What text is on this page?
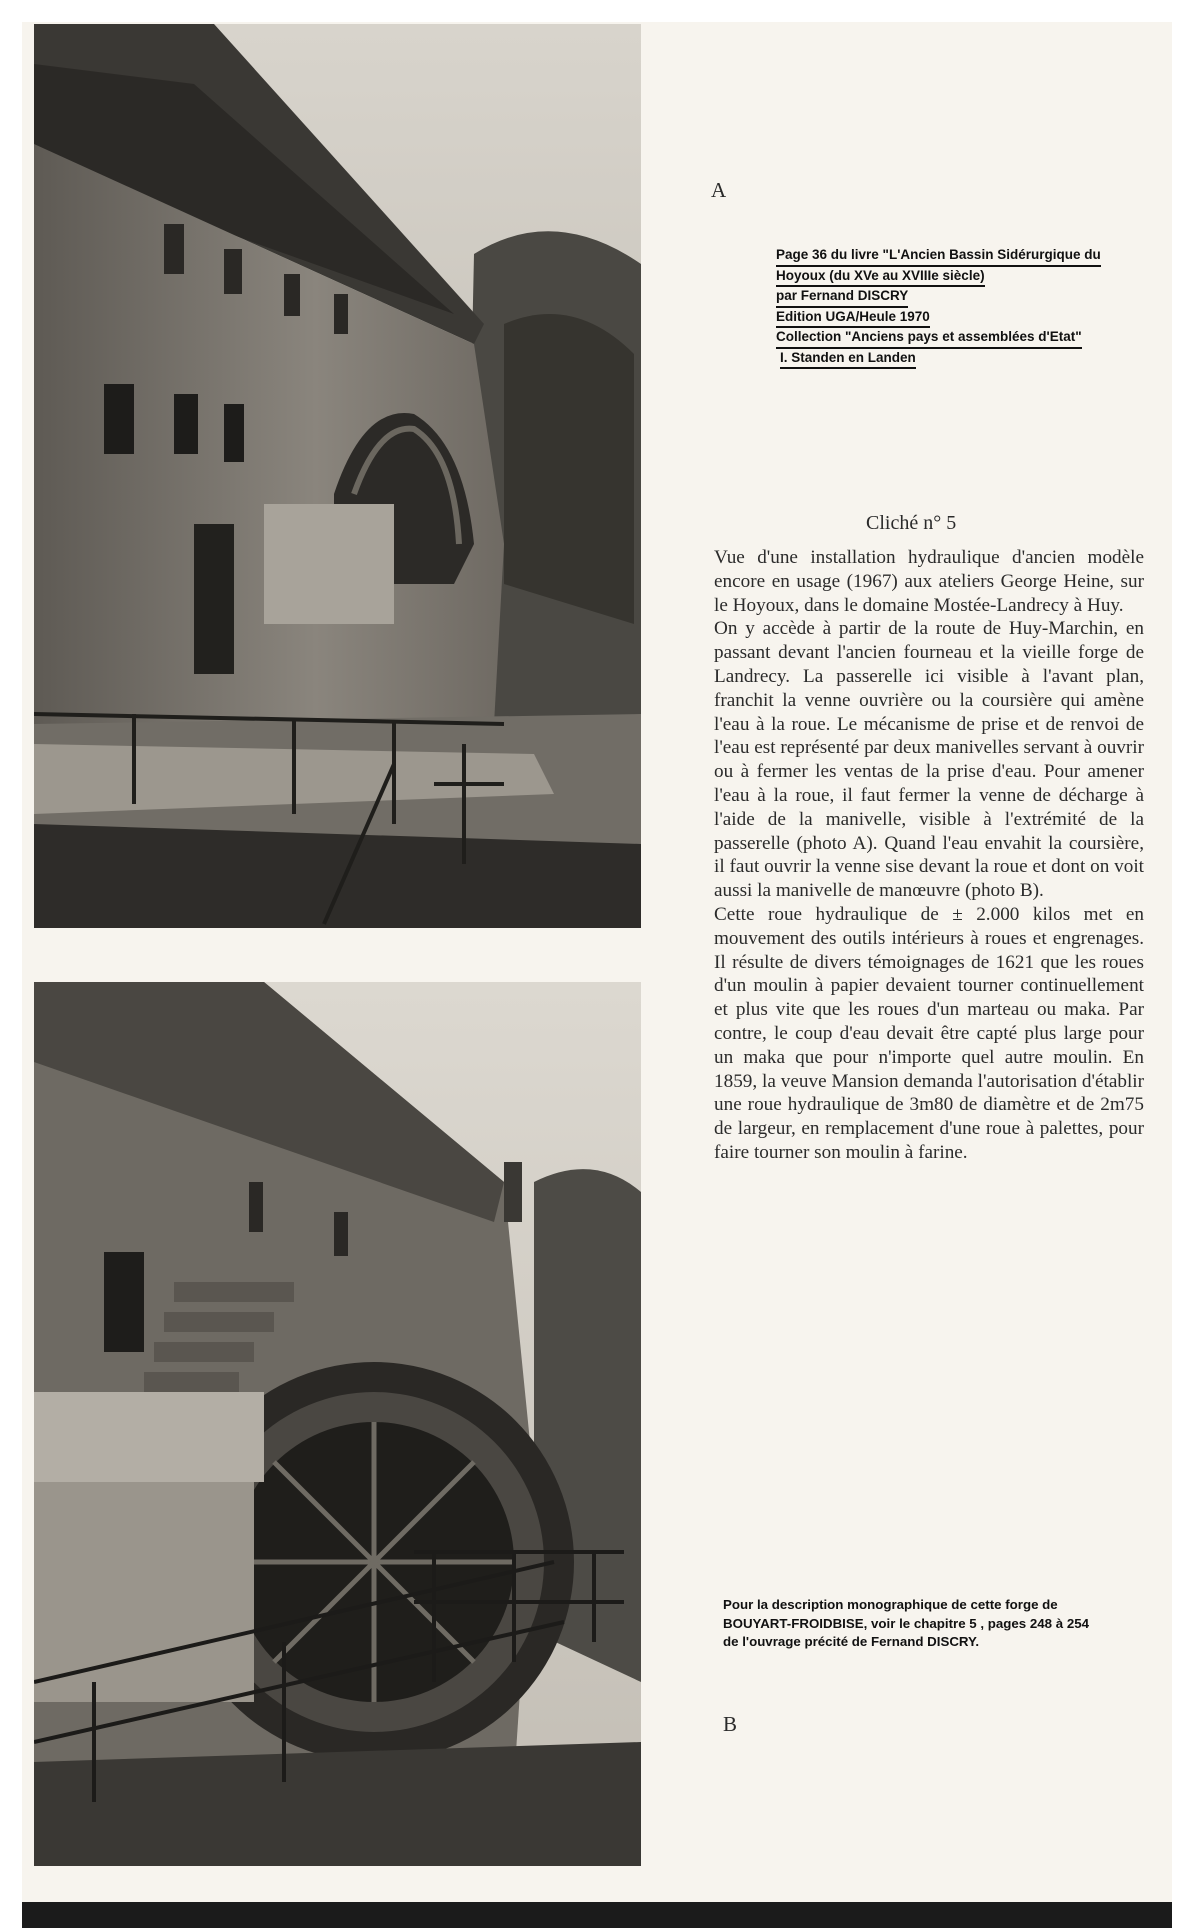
A
Page 36 du livre "L'Ancien Bassin Sidérurgique du
Hoyoux (du XVe au XVIIIe siècle)
par Fernand DISCRY
Edition UGA/Heule 1970
Collection "Anciens pays et assemblées d'Etat"
I. Standen en Landen
Cliché n° 5

Vue d'une installation hydraulique d'ancien modèle encore en usage (1967) aux ateliers George Heine, sur le Hoyoux, dans le domaine Mostée-Landrecy à Huy.

On y accède à partir de la route de Huy-Marchin, en passant devant l'ancien fourneau et la vieille forge de Landrecy. La passerelle ici visible à l'avant plan, franchit la venne ouvrière ou la coursière qui amène l'eau à la roue. Le mécanisme de prise et de renvoi de l'eau est représenté par deux manivelles servant à ouvrir ou à fermer les ventas de la prise d'eau. Pour amener l'eau à la roue, il faut fermer la venne de décharge à l'aide de la manivelle, visible à l'extrémité de la passerelle (photo A). Quand l'eau envahit la coursière, il faut ouvrir la venne sise devant la roue et dont on voit aussi la manivelle de manœuvre (photo B).

Cette roue hydraulique de ± 2.000 kilos met en mouvement des outils intérieurs à roues et engrenages. Il résulte de divers témoignages de 1621 que les roues d'un moulin à papier devaient tourner continuellement et plus vite que les roues d'un marteau ou maka. Par contre, le coup d'eau devait être capté plus large pour un maka que pour n'importe quel autre moulin. En 1859, la veuve Mansion demanda l'autorisation d'établir une roue hydraulique de 3m80 de diamètre et de 2m75 de largeur, en remplacement d'une roue à palettes, pour faire tourner son moulin à farine.

Pour la description monographique de cette forge de
BOUYART-FROIDBISE, voir le chapitre 5 , pages 248 à 254
de l'ouvrage précité de Fernand DISCRY.
B
